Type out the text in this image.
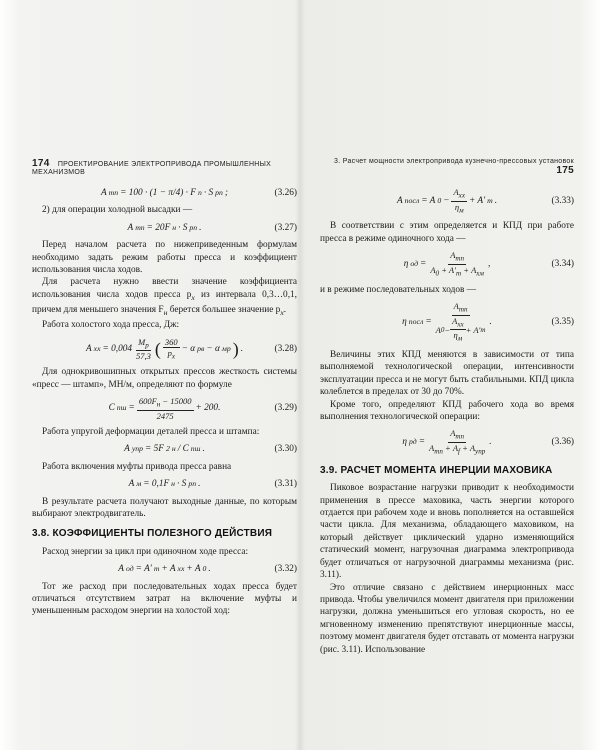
174 ПРОЕКТИРОВАНИЕ ЭЛЕКТРОПРИВОДА ПРОМЫШЛЕННЫХ МЕХАНИЗМОВ
3. Расчет мощности электропривода кузнечно-прессовых установок 175
A тп = 100 · (1 − π/4) · F п · S рп ;	(3.26)

2) для операции холодной высадки —

A тп = 20F н · S рп .	(3.27)

Перед началом расчета по нижеприведенным формулам необходимо задать режим работы пресса и коэффициент использования числа ходов.

Для расчета нужно ввести значение коэффициента использования числа ходов пресса $p_x$ из интервала 0,3…0,1, причем для меньшего значения $F_н$ берется большее значение $p_x$.

Работа холостого хода пресса, Дж:

A хх = $0,004 \frac{M_р}{57,3}$ ( $\frac{360}{p_x} - \alpha$ рв − α мр ) .	(3.28)

Для однокривошипных открытых прессов жесткость системы «пресс — штамп», МН/м, определяют по формуле

C пш = $\frac{600F_н - 15000}{2475} + 200$.	(3.29)

Работа упругой деформации деталей пресса и штампа:

A упр = 5F 2 н / C пш .	(3.30)

Работа включения муфты привода пресса равна

A м = 0,1F н · S рп .	(3.31)

В результате расчета получают выходные данные, по которым выбирают электродвигатель.

3.8. КОЭФФИЦИЕНТЫ ПОЛЕЗНОГО ДЕЙСТВИЯ

Расход энергии за цикл при одиночном ходе пресса:

A од = A′ т + A хх + A 0 .	(3.32)

Тот же расход при последовательных ходах пресса будет отличаться отсутствием затрат на включение муфты и уменьшенным расходом энергии на холостой ход:

A посл = A $0 - \frac{A_{хх}}{\eta_м} + A'$ т .	(3.33)

В соответствии с этим определяется и КПД при работе пресса в режиме одиночного хода —

η од = $\frac{A_{тп}}{A_0 + A'_т + A_{хм}}$ ,	(3.34)

и в режиме последовательных ходов —

η посл = $\frac{A_{тп}}{A 0 - \frac{A_{хх}}{\eta_м} + A' т}$ .	(3.35)

Величины этих КПД меняются в зависимости от типа выполняемой технологической операции, интенсивности эксплуатации пресса и не могут быть стабильными. КПД цикла колеблется в пределах от 30 до 70%.

Кроме того, определяют КПД рабочего хода во время выполнения технологической операции:

η рд = $\frac{A_{тп}}{A_{тп} + A_f + A_{упр}}$ .	(3.36)
3.9. РАСЧЕТ МОМЕНТА ИНЕРЦИИ МАХОВИКА

Пиковое возрастание нагрузки приводит к необходимости применения в прессе маховика, часть энергии которого отдается при рабочем ходе и вновь пополняется на оставшейся части цикла. Для механизма, обладающего маховиком, на который действует циклический ударно изменяющийся статический момент, нагрузочная диаграмма электропривода будет отличаться от нагрузочной диаграммы механизма (рис. 3.11).

Это отличие связано с действием инерционных масс привода. Чтобы увеличился момент двигателя при приложении нагрузки, должна уменьшиться его угловая скорость, но ее мгновенному изменению препятствуют инерционные массы, поэтому момент двигателя будет отставать от момента нагрузки (рис. 3.11). Использование
